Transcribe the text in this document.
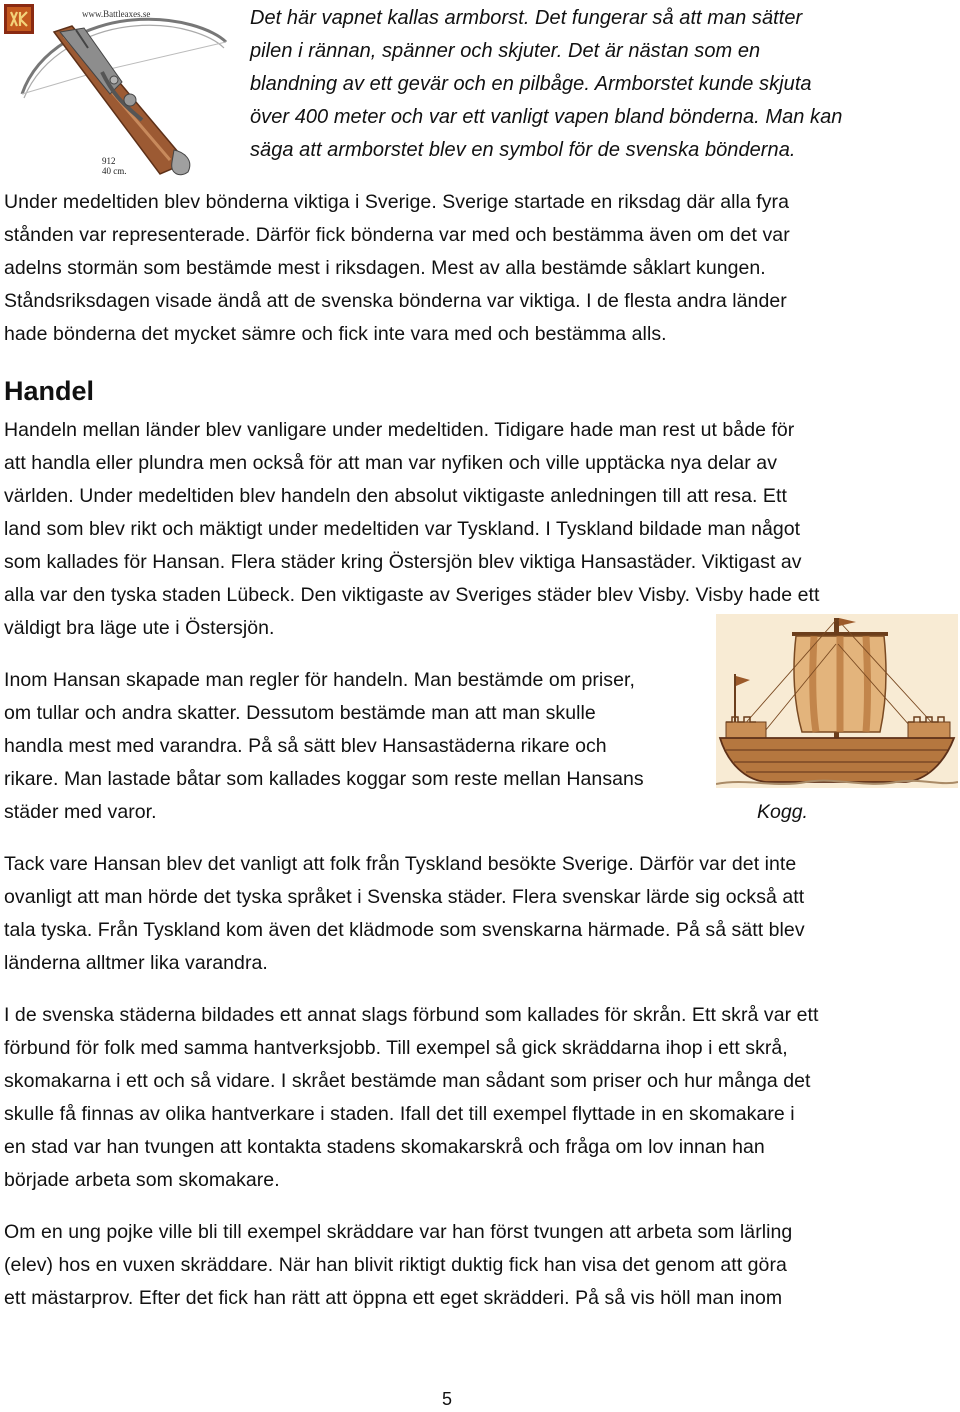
www.Battleaxes.se
912
40 cm.
Det här vapnet kallas armborst. Det fungerar så att man sätter
pilen i rännan, spänner och skjuter. Det är nästan som en
blandning av ett gevär och en pilbåge. Armborstet kunde skjuta
över 400 meter och var ett vanligt vapen bland bönderna. Man kan
säga att armborstet blev en symbol för de svenska bönderna.
Under medeltiden blev bönderna viktiga i Sverige. Sverige startade en riksdag där alla fyra
stånden var representerade. Därför fick bönderna var med och bestämma även om det var
adelns stormän som bestämde mest i riksdagen. Mest av alla bestämde såklart kungen.
Ståndsriksdagen visade ändå att de svenska bönderna var viktiga. I de flesta andra länder
hade bönderna det mycket sämre och fick inte vara med och bestämma alls.
Handel
Handeln mellan länder blev vanligare under medeltiden. Tidigare hade man rest ut både för
att handla eller plundra men också för att man var nyfiken och ville upptäcka nya delar av
världen. Under medeltiden blev handeln den absolut viktigaste anledningen till att resa. Ett
land som blev rikt och mäktigt under medeltiden var Tyskland. I Tyskland bildade man något
som kallades för Hansan. Flera städer kring Östersjön blev viktiga Hansastäder. Viktigast av
alla var den tyska staden Lübeck. Den viktigaste av Sveriges städer blev Visby. Visby hade ett
väldigt bra läge ute i Östersjön.
Inom Hansan skapade man regler för handeln. Man bestämde om priser,
om tullar och andra skatter. Dessutom bestämde man att man skulle
handla mest med varandra. På så sätt blev Hansastäderna rikare och
rikare. Man lastade båtar som kallades koggar som reste mellan Hansans
städer med varor.	Kogg.
Tack vare Hansan blev det vanligt att folk från Tyskland besökte Sverige. Därför var det inte
ovanligt att man hörde det tyska språket i Svenska städer. Flera svenskar lärde sig också att
tala tyska. Från Tyskland kom även det klädmode som svenskarna härmade. På så sätt blev
länderna alltmer lika varandra.
I de svenska städerna bildades ett annat slags förbund som kallades för skrån. Ett skrå var ett
förbund för folk med samma hantverksjobb. Till exempel så gick skräddarna ihop i ett skrå,
skomakarna i ett och så vidare. I skrået bestämde man sådant som priser och hur många det
skulle få finnas av olika hantverkare i staden. Ifall det till exempel flyttade in en skomakare i
en stad var han tvungen att kontakta stadens skomakarskrå och fråga om lov innan han
började arbeta som skomakare.
Om en ung pojke ville bli till exempel skräddare var han först tvungen att arbeta som lärling
(elev) hos en vuxen skräddare. När han blivit riktigt duktig fick han visa det genom att göra
ett mästarprov. Efter det fick han rätt att öppna ett eget skrädderi. På så vis höll man inom
5
